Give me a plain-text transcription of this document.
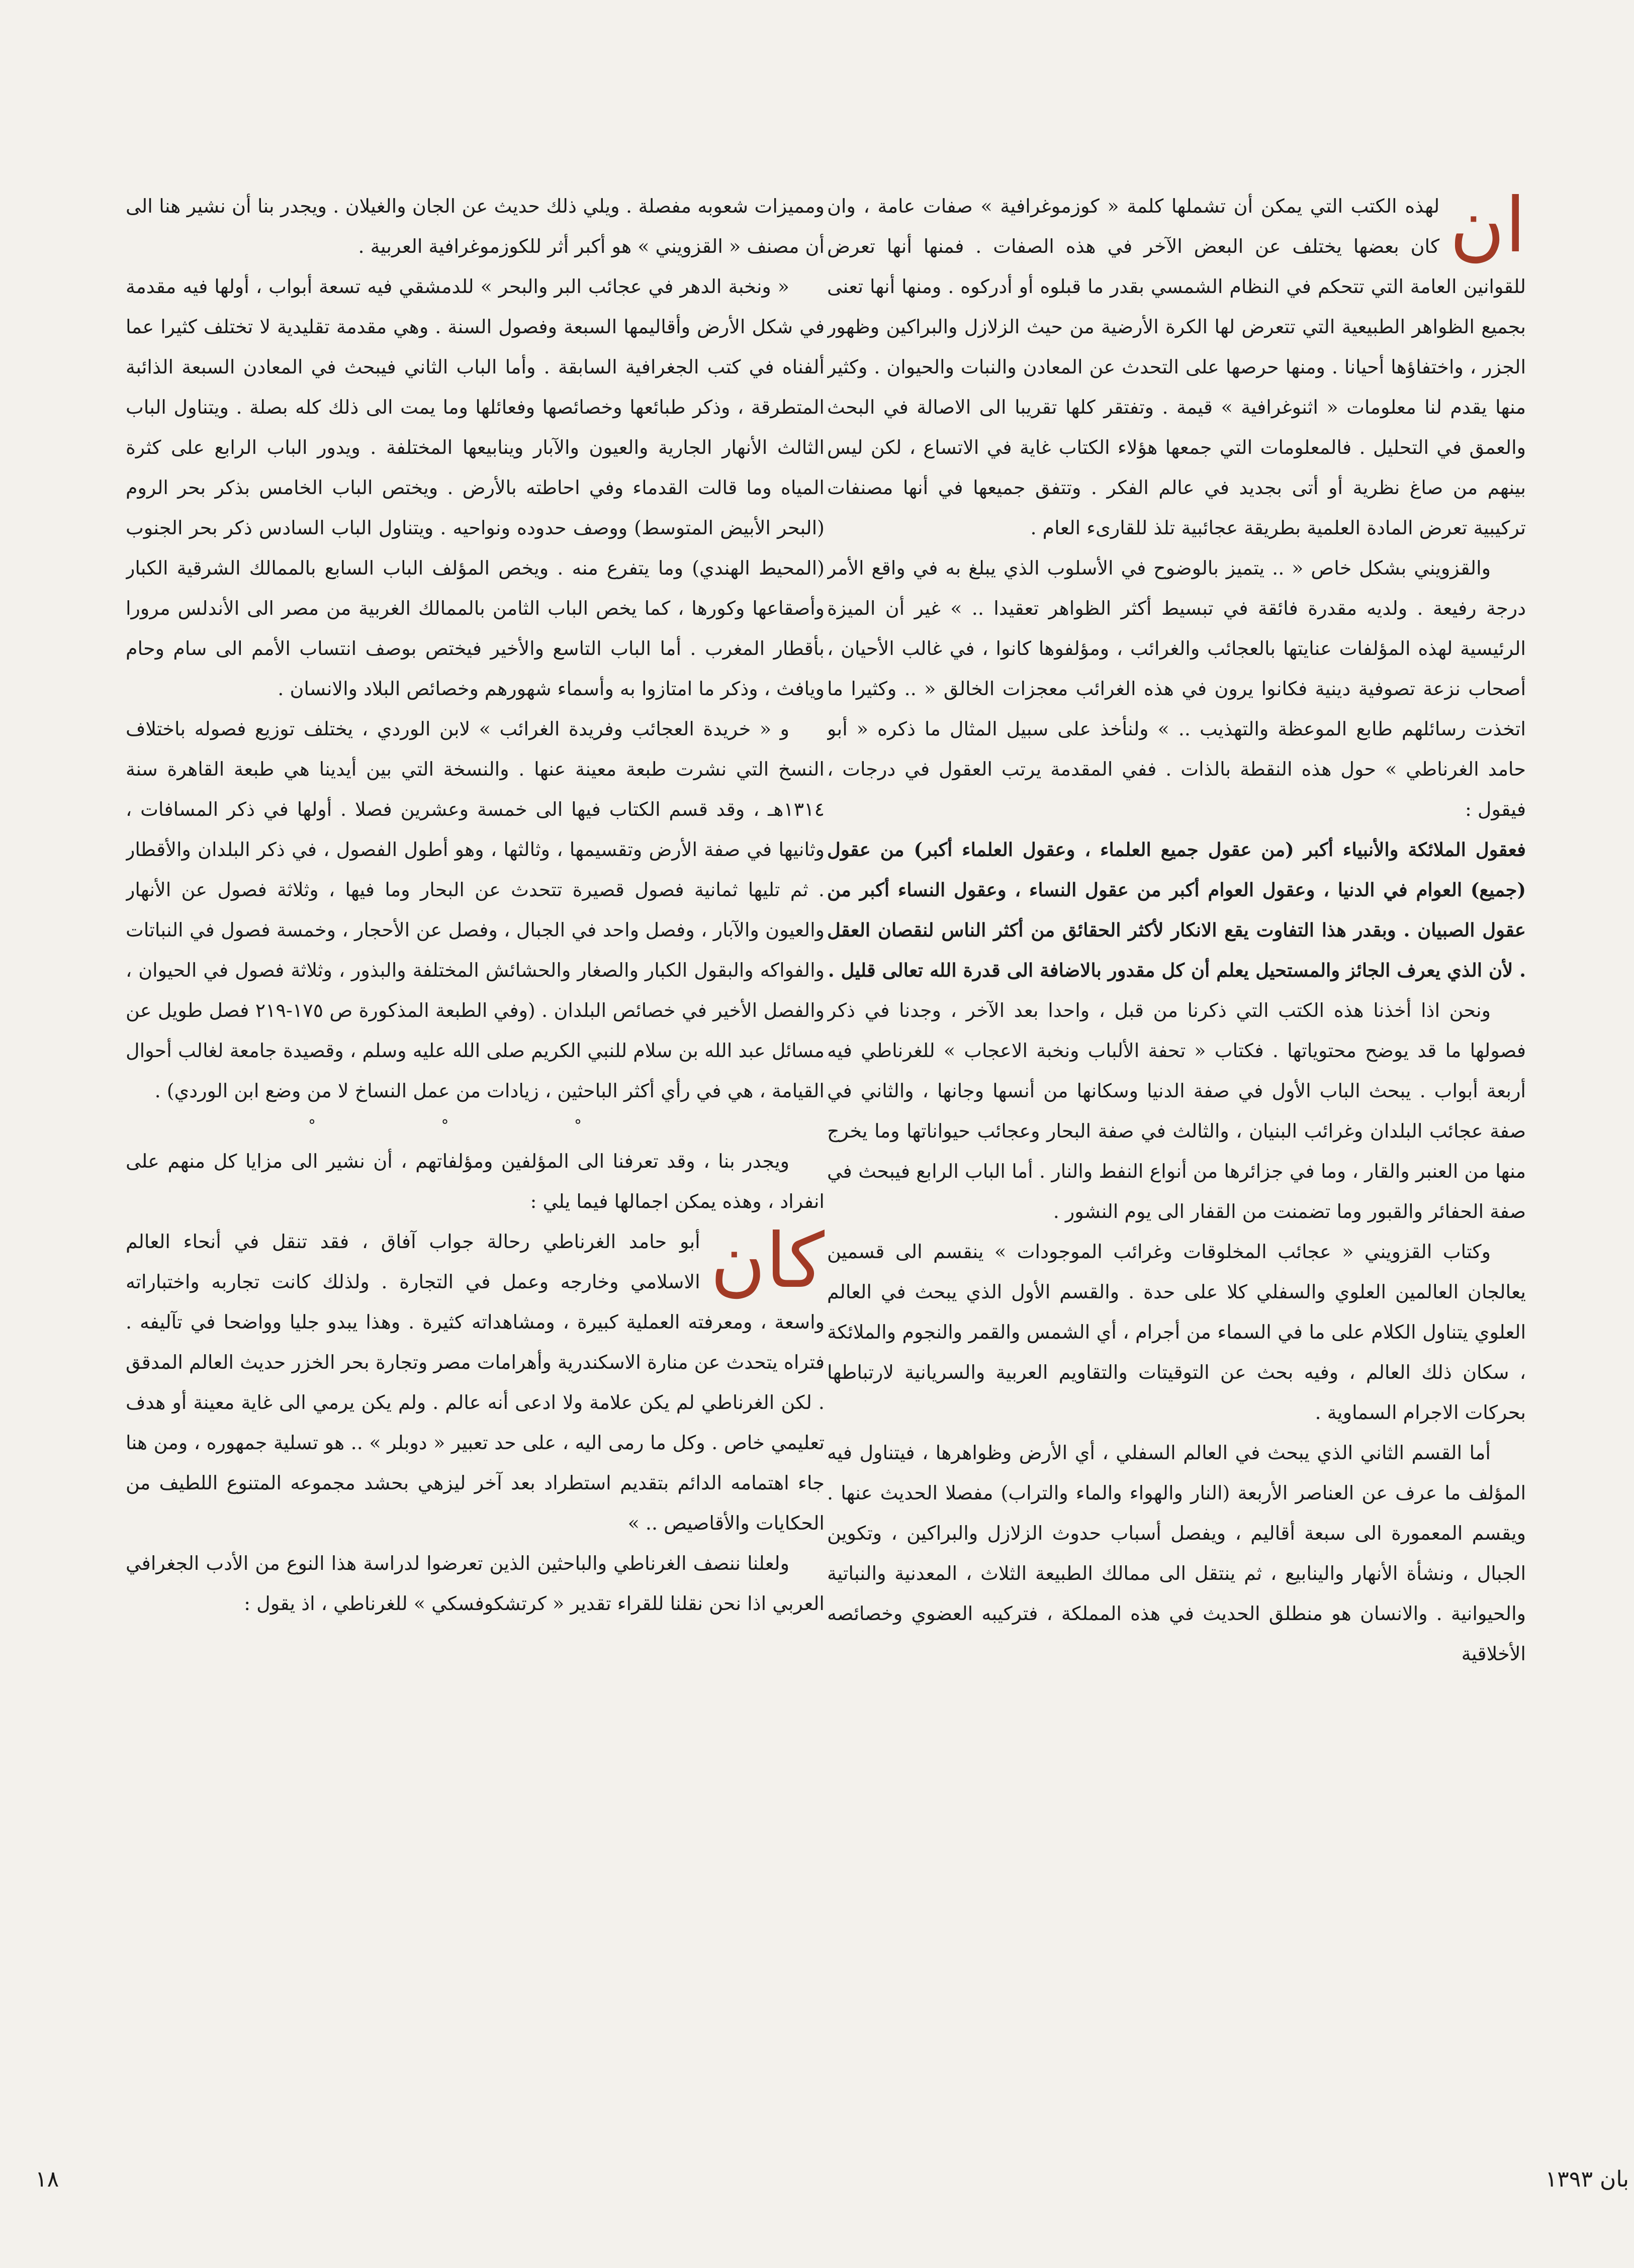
ان
لهذه الكتب التي يمكن أن تشملها كلمة « كوزموغرافية » صفات عامة ، وان كان بعضها يختلف عن البعض الآخر في هذه الصفات . فمنها أنها تعرض للقوانين العامة التي تتحكم في النظام الشمسي بقدر ما قبلوه أو أدركوه . ومنها أنها تعنى بجميع الظواهر الطبيعية التي تتعرض لها الكرة الأرضية من حيث الزلازل والبراكين وظهور الجزر ، واختفاؤها أحيانا . ومنها حرصها على التحدث عن المعادن والنبات والحيوان . وكثير منها يقدم لنا معلومات « اثنوغرافية » قيمة . وتفتقر كلها تقريبا الى الاصالة في البحث والعمق في التحليل . فالمعلومات التي جمعها هؤلاء الكتاب غاية في الاتساع ، لكن ليس بينهم من صاغ نظرية أو أتى بجديد في عالم الفكر . وتتفق جميعها في أنها مصنفات تركيبية تعرض المادة العلمية بطريقة عجائبية تلذ للقارىء العام .

والقزويني بشكل خاص « .. يتميز بالوضوح في الأسلوب الذي يبلغ به في واقع الأمر درجة رفيعة . ولديه مقدرة فائقة في تبسيط أكثر الظواهر تعقيدا .. » غير أن الميزة الرئيسية لهذه المؤلفات عنايتها بالعجائب والغرائب ، ومؤلفوها كانوا ، في غالب الأحيان ، أصحاب نزعة تصوفية دينية فكانوا يرون في هذه الغرائب معجزات الخالق « .. وكثيرا ما اتخذت رسائلهم طابع الموعظة والتهذيب .. » ولنأخذ على سبيل المثال ما ذكره « أبو حامد الغرناطي » حول هذه النقطة بالذات . ففي المقدمة يرتب العقول في درجات ، فيقول :

فعقول الملائكة والأنبياء أكبر (من عقول جميع العلماء ، وعقول العلماء أكبر) من عقول (جميع) العوام في الدنيا ، وعقول العوام أكبر من عقول النساء ، وعقول النساء أكبر من عقول الصبيان . وبقدر هذا التفاوت يقع الانكار لأكثر الحقائق من أكثر الناس لنقصان العقل . لأن الذي يعرف الجائز والمستحيل يعلم أن كل مقدور بالاضافة الى قدرة الله تعالى قليل .

ونحن اذا أخذنا هذه الكتب التي ذكرنا من قبل ، واحدا بعد الآخر ، وجدنا في ذكر فصولها ما قد يوضح محتوياتها . فكتاب « تحفة الألباب ونخبة الاعجاب » للغرناطي فيه أربعة أبواب . يبحث الباب الأول في صفة الدنيا وسكانها من أنسها وجانها ، والثاني في صفة عجائب البلدان وغرائب البنيان ، والثالث في صفة البحار وعجائب حيواناتها وما يخرج منها من العنبر والقار ، وما في جزائرها من أنواع النفط والنار . أما الباب الرابع فيبحث في صفة الحفائر والقبور وما تضمنت من القفار الى يوم النشور .

وكتاب القزويني « عجائب المخلوقات وغرائب الموجودات » ينقسم الى قسمين يعالجان العالمين العلوي والسفلي كلا على حدة . والقسم الأول الذي يبحث في العالم العلوي يتناول الكلام على ما في السماء من أجرام ، أي الشمس والقمر والنجوم والملائكة ، سكان ذلك العالم ، وفيه بحث عن التوقيتات والتقاويم العربية والسريانية لارتباطها بحركات الاجرام السماوية .

أما القسم الثاني الذي يبحث في العالم السفلي ، أي الأرض وظواهرها ، فيتناول فيه المؤلف ما عرف عن العناصر الأربعة (النار والهواء والماء والتراب) مفصلا الحديث عنها . ويقسم المعمورة الى سبعة أقاليم ، ويفصل أسباب حدوث الزلازل والبراكين ، وتكوين الجبال ، ونشأة الأنهار والينابيع ، ثم ينتقل الى ممالك الطبيعة الثلاث ، المعدنية والنباتية والحيوانية . والانسان هو منطلق الحديث في هذه المملكة ، فتركيبه العضوي وخصائصه الأخلاقية

ومميزات شعوبه مفصلة . ويلي ذلك حديث عن الجان والغيلان . ويجدر بنا أن نشير هنا الى أن مصنف « القزويني » هو أكبر أثر للكوزموغرافية العربية .

« ونخبة الدهر في عجائب البر والبحر » للدمشقي فيه تسعة أبواب ، أولها فيه مقدمة في شكل الأرض وأقاليمها السبعة وفصول السنة . وهي مقدمة تقليدية لا تختلف كثيرا عما ألفناه في كتب الجغرافية السابقة . وأما الباب الثاني فيبحث في المعادن السبعة الذائبة المتطرقة ، وذكر طبائعها وخصائصها وفعائلها وما يمت الى ذلك كله بصلة . ويتناول الباب الثالث الأنهار الجارية والعيون والآبار وينابيعها المختلفة . ويدور الباب الرابع على كثرة المياه وما قالت القدماء وفي احاطته بالأرض . ويختص الباب الخامس بذكر بحر الروم (البحر الأبيض المتوسط) ووصف حدوده ونواحيه . ويتناول الباب السادس ذكر بحر الجنوب (المحيط الهندي) وما يتفرع منه . ويخص المؤلف الباب السابع بالممالك الشرقية الكبار وأصقاعها وكورها ، كما يخص الباب الثامن بالممالك الغربية من مصر الى الأندلس مرورا بأقطار المغرب . أما الباب التاسع والأخير فيختص بوصف انتساب الأمم الى سام وحام ويافث ، وذكر ما امتازوا به وأسماء شهورهم وخصائص البلاد والانسان .

و « خريدة العجائب وفريدة الغرائب » لابن الوردي ، يختلف توزيع فصوله باختلاف النسخ التي نشرت طبعة معينة عنها . والنسخة التي بين أيدينا هي طبعة القاهرة سنة ١٣١٤هـ ، وقد قسم الكتاب فيها الى خمسة وعشرين فصلا . أولها في ذكر المسافات ، وثانيها في صفة الأرض وتقسيمها ، وثالثها ، وهو أطول الفصول ، في ذكر البلدان والأقطار . ثم تليها ثمانية فصول قصيرة تتحدث عن البحار وما فيها ، وثلاثة فصول عن الأنهار والعيون والآبار ، وفصل واحد في الجبال ، وفصل عن الأحجار ، وخمسة فصول في النباتات والفواكه والبقول الكبار والصغار والحشائش المختلفة والبذور ، وثلاثة فصول في الحيوان ، والفصل الأخير في خصائص البلدان . (وفي الطبعة المذكورة ص ١٧٥-٢١٩ فصل طويل عن مسائل عبد الله بن سلام للنبي الكريم صلى الله عليه وسلم ، وقصيدة جامعة لغالب أحوال القيامة ، هي في رأي أكثر الباحثين ، زيادات من عمل النساخ لا من وضع ابن الوردي) .

° ° °

ويجدر بنا ، وقد تعرفنا الى المؤلفين ومؤلفاتهم ، أن نشير الى مزايا كل منهم على انفراد ، وهذه يمكن اجمالها فيما يلي :

كان
أبو حامد الغرناطي رحالة جواب آفاق ، فقد تنقل في أنحاء العالم الاسلامي وخارجه وعمل في التجارة . ولذلك كانت تجاربه واختباراته واسعة ، ومعرفته العملية كبيرة ، ومشاهداته كثيرة . وهذا يبدو جليا وواضحا في تآليفه . فتراه يتحدث عن منارة الاسكندرية وأهرامات مصر وتجارة بحر الخزر حديث العالم المدقق . لكن الغرناطي لم يكن علامة ولا ادعى أنه عالم . ولم يكن يرمي الى غاية معينة أو هدف تعليمي خاص . وكل ما رمى اليه ، على حد تعبير « دوبلر » .. هو تسلية جمهوره ، ومن هنا جاء اهتمامه الدائم بتقديم استطراد بعد آخر ليزهي بحشد مجموعه المتنوع اللطيف من الحكايات والأقاصيص .. »

ولعلنا ننصف الغرناطي والباحثين الذين تعرضوا لدراسة هذا النوع من الأدب الجغرافي العربي اذا نحن نقلنا للقراء تقدير « كرتشكوفسكي » للغرناطي ، اذ يقول :

١٨	بان ١٣٩٣
